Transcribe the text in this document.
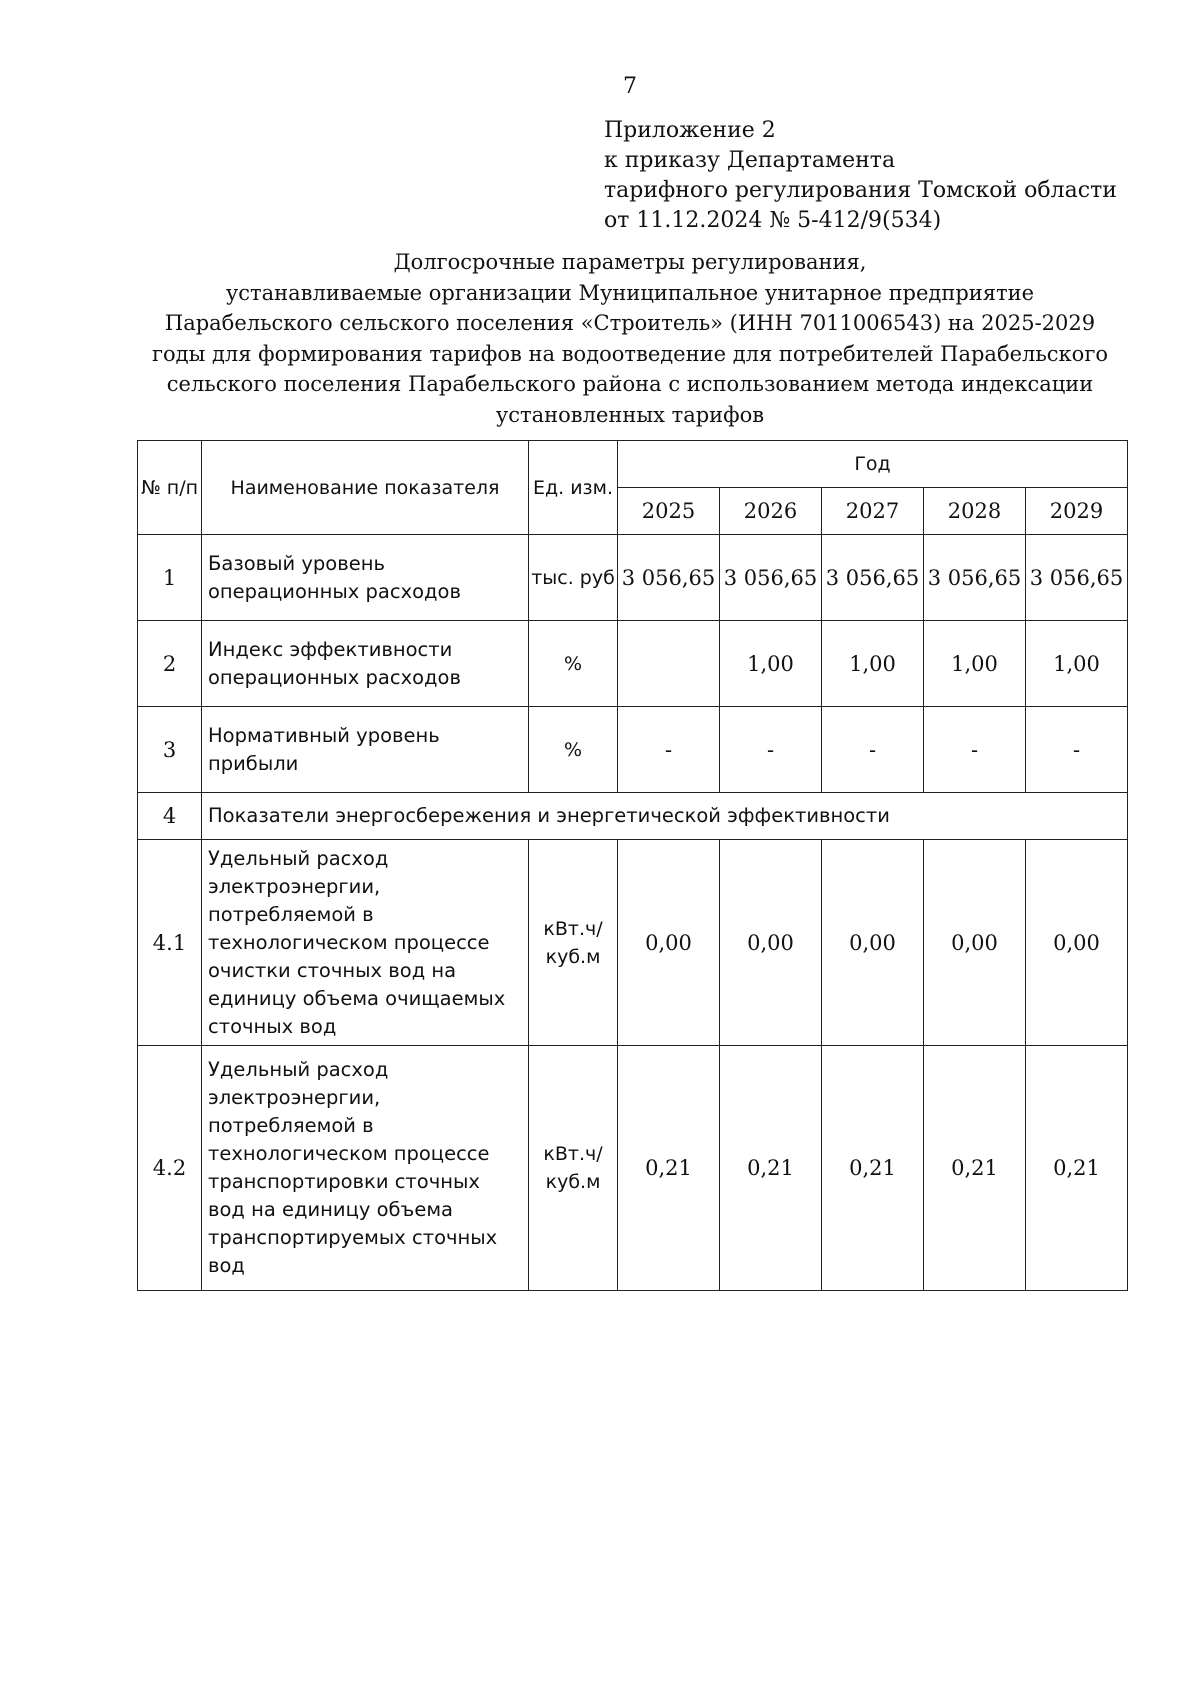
7
Приложение 2
к приказу Департамента
тарифного регулирования Томской области
от 11.12.2024 № 5-412/9(534)
Долгосрочные параметры регулирования,
устанавливаемые организации Муниципальное унитарное предприятие
Парабельского сельского поселения «Строитель» (ИНН 7011006543) на 2025-2029
годы для формирования тарифов на водоотведение для потребителей Парабельского
сельского поселения Парабельского района с использованием метода индексации
установленных тарифов
№ п/п	Наименование показателя	Ед. изм.	Год				
			2025	2026	2027	2028	2029
1	Базовый уровень операционных расходов	тыс. руб	3 056,65	3 056,65	3 056,65	3 056,65	3 056,65
2	Индекс эффективности операционных расходов	%		1,00	1,00	1,00	1,00
3	Нормативный уровень прибыли	%	-	-	-	-	-
4	Показатели энергосбережения и энергетической эффективности						
4.1	Удельный расход электроэнергии, потребляемой в технологическом процессе очистки сточных вод на единицу объема очищаемых сточных вод	кВт.ч/ куб.м	0,00	0,00	0,00	0,00	0,00
4.2	Удельный расход электроэнергии, потребляемой в технологическом процессе транспортировки сточных вод на единицу объема транспортируемых сточных вод	кВт.ч/ куб.м	0,21	0,21	0,21	0,21	0,21
